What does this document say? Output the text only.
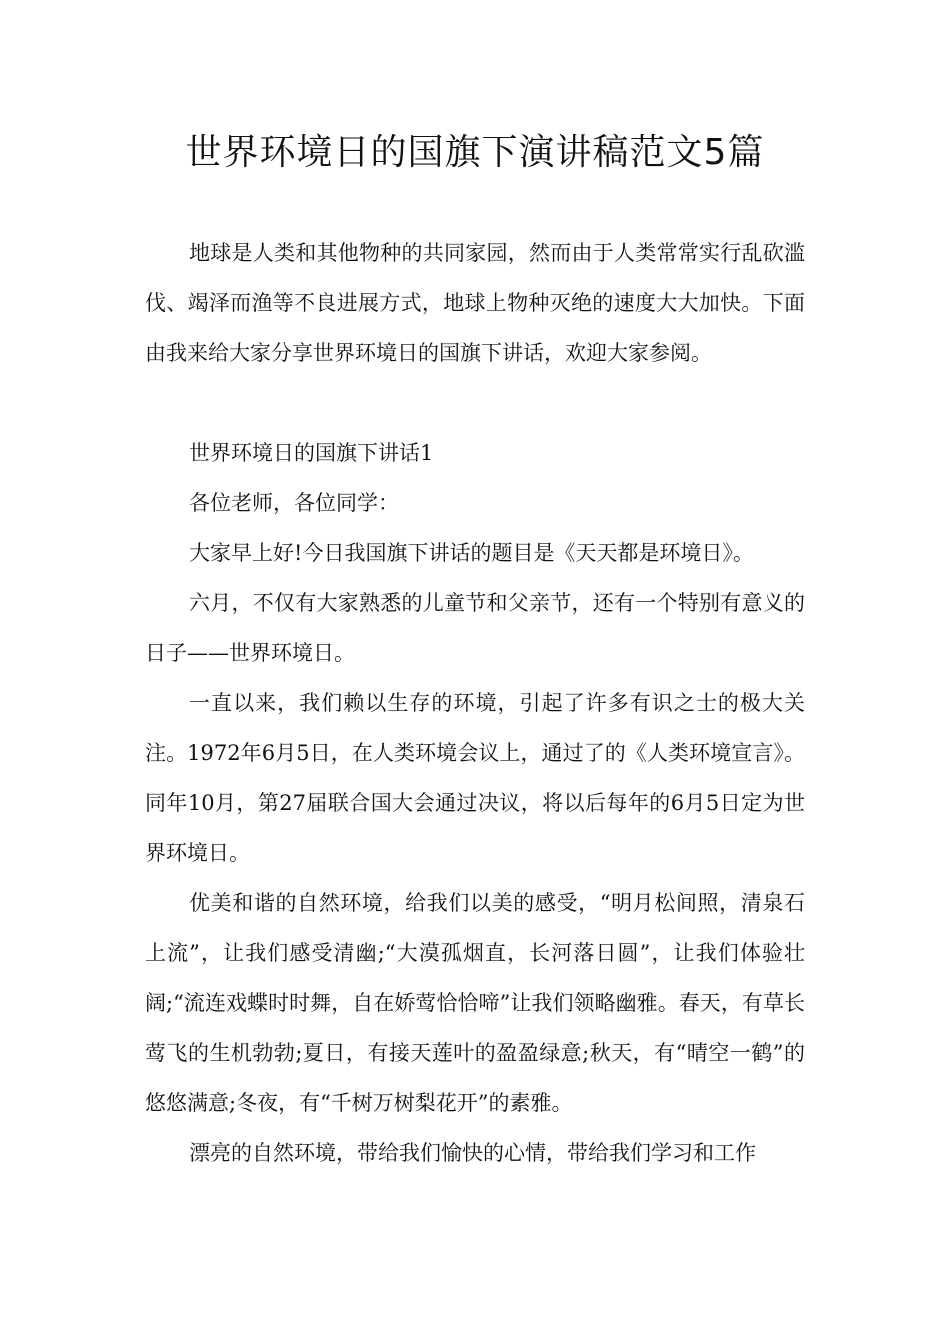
世界环境日的国旗下演讲稿范文5篇

地球是人类和其他物种的共同家园，然而由于人类常常实行乱砍滥伐、竭泽而渔等不良进展方式，地球上物种灭绝的速度大大加快。下面由我来给大家分享世界环境日的国旗下讲话，欢迎大家参阅。

世界环境日的国旗下讲话1

各位老师，各位同学：

大家早上好!今日我国旗下讲话的题目是《天天都是环境日》。

六月，不仅有大家熟悉的儿童节和父亲节，还有一个特别有意义的日子——世界环境日。

一直以来，我们赖以生存的环境，引起了许多有识之士的极大关注。1972年6月5日，在人类环境会议上，通过了的《人类环境宣言》。同年10月，第27届联合国大会通过决议，将以后每年的6月5日定为世界环境日。

优美和谐的自然环境，给我们以美的感受，“明月松间照，清泉石上流”，让我们感受清幽;“大漠孤烟直，长河落日圆”，让我们体验壮阔;“流连戏蝶时时舞，自在娇莺恰恰啼”让我们领略幽雅。春天，有草长莺飞的生机勃勃;夏日，有接天莲叶的盈盈绿意;秋天，有“晴空一鹤”的悠悠满意;冬夜，有“千树万树梨花开”的素雅。

漂亮的自然环境，带给我们愉快的心情，带给我们学习和工作
